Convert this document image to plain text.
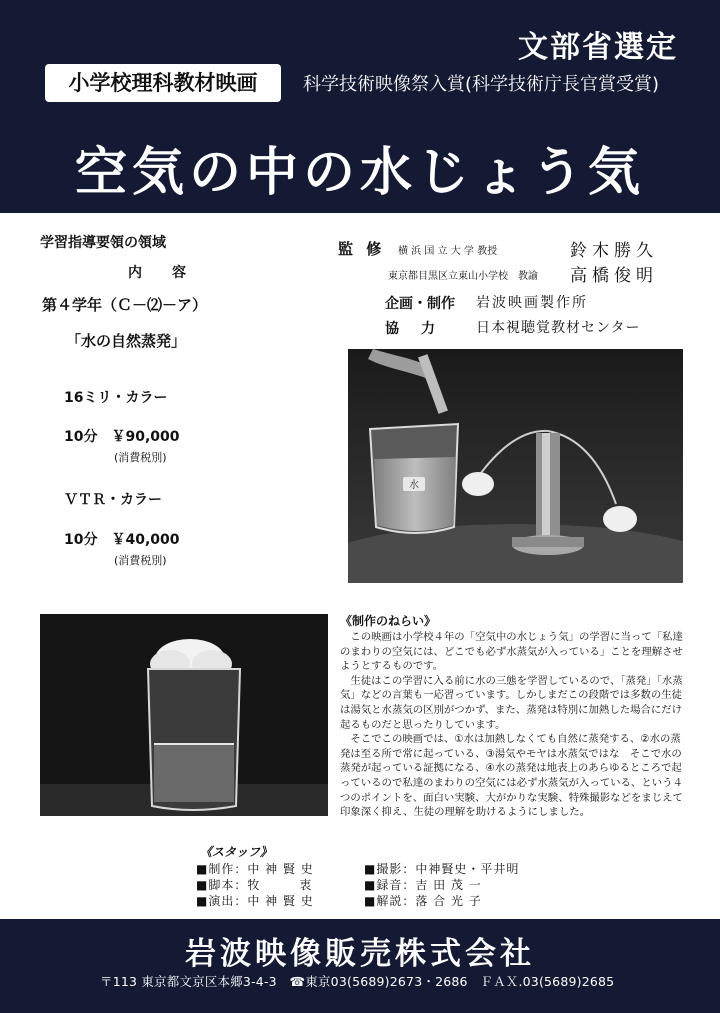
文部省選定
小学校理科教材映画	科学技術映像祭入賞(科学技術庁長官賞受賞)
空気の中の水じょう気
学習指導要領の領域
内容
第４学年（Ｃ－⑵－ア）
「水の自然蒸発」
16ミリ・カラー
10分　￥90,000
(消費税別)
ＶＴＲ・カラー
10分　￥40,000
(消費税別)
監 修 横 浜 国 立 大 学 教授	鈴木勝久
東京都目黒区立東山小学校　教諭 高橋俊明
企画・制作 岩波映画製作所
協　力	日本視聴覚教材センター
水
《制作のねらい》

この映画は小学校４年の「空気中の水じょう気」の学習に当って「私達のまわりの空気には、どこでも必ず水蒸気が入っている」ことを理解させようとするものです。

生徒はこの学習に入る前に水の三態を学習しているので、「蒸発」「水蒸気」などの言葉も一応習っています。しかしまだこの段階では多数の生徒は湯気と水蒸気の区別がつかず、また、蒸発は特別に加熱した場合にだけ起るものだと思ったりしています。

そこでこの映画では、①水は加熱しなくても自然に蒸発する、②水の蒸発は至る所で常に起っている、③湯気やモヤは水蒸気ではな　そこで水の蒸発が起っている証拠になる、④水の蒸発は地表上のあらゆるところで起っているので私達のまわりの空気には必ず水蒸気が入っている、という４つのポイントを、面白い実験、大がかりな実験、特殊撮影などをまじえて印象深く抑え、生徒の理解を助けるようにしました。

《スタッフ》
■制作：中 神 賢 史
■脚本：牧　　　衷
■演出：中 神 賢 史
■撮影：中神賢史・平井明
■録音：吉 田 茂 一
■解説：落 合 光 子
岩波映像販売株式会社
〒113 東京都文京区本郷3-4-3　☎東京03(5689)2673・2686　ＦＡＸ.03(5689)2685
